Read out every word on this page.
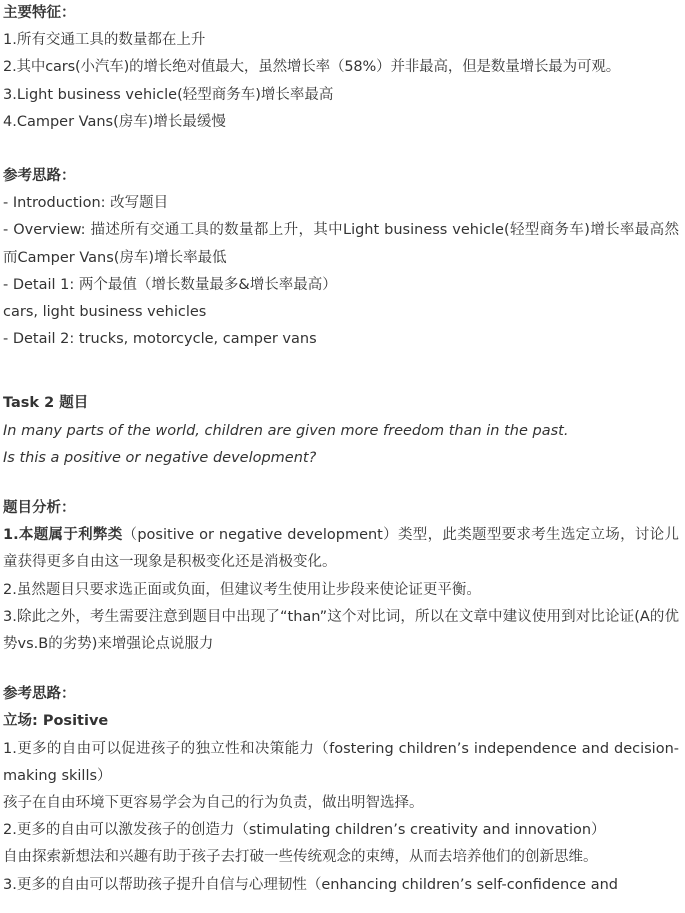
主要特征：
1.所有交通工具的数量都在上升
2.其中cars(小汽车)的增长绝对值最大，虽然增长率（58%）并非最高，但是数量增长最为可观。
3.Light business vehicle(轻型商务车)增长率最高
4.Camper Vans(房车)增长最缓慢
参考思路：
- Introduction: 改写题目
- Overview: 描述所有交通工具的数量都上升，其中Light business vehicle(轻型商务车)增长率最高然而Camper Vans(房车)增长率最低
- Detail 1: 两个最值（增长数量最多&增长率最高）
cars, light business vehicles
- Detail 2: trucks, motorcycle, camper vans
Task 2 题目
In many parts of the world, children are given more freedom than in the past.
Is this a positive or negative development?
题目分析：
1.本题属于利弊类（positive or negative development）类型，此类题型要求考生选定立场，讨论儿童获得更多自由这一现象是积极变化还是消极变化。
2.虽然题目只要求选正面或负面，但建议考生使用让步段来使论证更平衡。
3.除此之外，考生需要注意到题目中出现了“than”这个对比词，所以在文章中建议使用到对比论证(A的优势vs.B的劣势)来增强论点说服力
参考思路：
立场: Positive
1.更多的自由可以促进孩子的独立性和决策能力（fostering children’s independence and decision-making skills）
孩子在自由环境下更容易学会为自己的行为负责，做出明智选择。
2.更多的自由可以激发孩子的创造力（stimulating children’s creativity and innovation）
自由探索新想法和兴趣有助于孩子去打破一些传统观念的束缚，从而去培养他们的创新思维。
3.更多的自由可以帮助孩子提升自信与心理韧性（enhancing children’s self-confidence and
